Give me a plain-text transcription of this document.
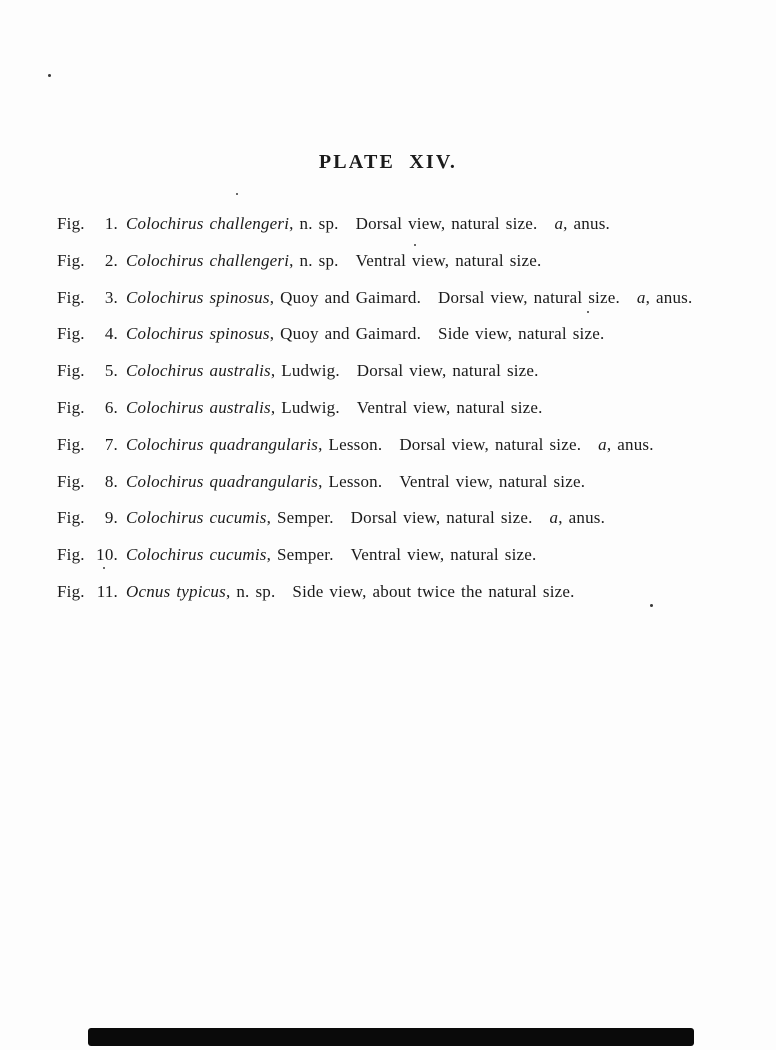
PLATE XIV.
Fig. 1. Colochirus challengeri, n. sp. Dorsal view, natural size. a, anus.
Fig. 2. Colochirus challengeri, n. sp. Ventral view, natural size.
Fig. 3. Colochirus spinosus, Quoy and Gaimard. Dorsal view, natural size. a, anus.
Fig. 4. Colochirus spinosus, Quoy and Gaimard. Side view, natural size.
Fig. 5. Colochirus australis, Ludwig. Dorsal view, natural size.
Fig. 6. Colochirus australis, Ludwig. Ventral view, natural size.
Fig. 7. Colochirus quadrangularis, Lesson. Dorsal view, natural size. a, anus.
Fig. 8. Colochirus quadrangularis, Lesson. Ventral view, natural size.
Fig. 9. Colochirus cucumis, Semper. Dorsal view, natural size. a, anus.
Fig. 10. Colochirus cucumis, Semper. Ventral view, natural size.
Fig. 11. Ocnus typicus, n. sp. Side view, about twice the natural size.
